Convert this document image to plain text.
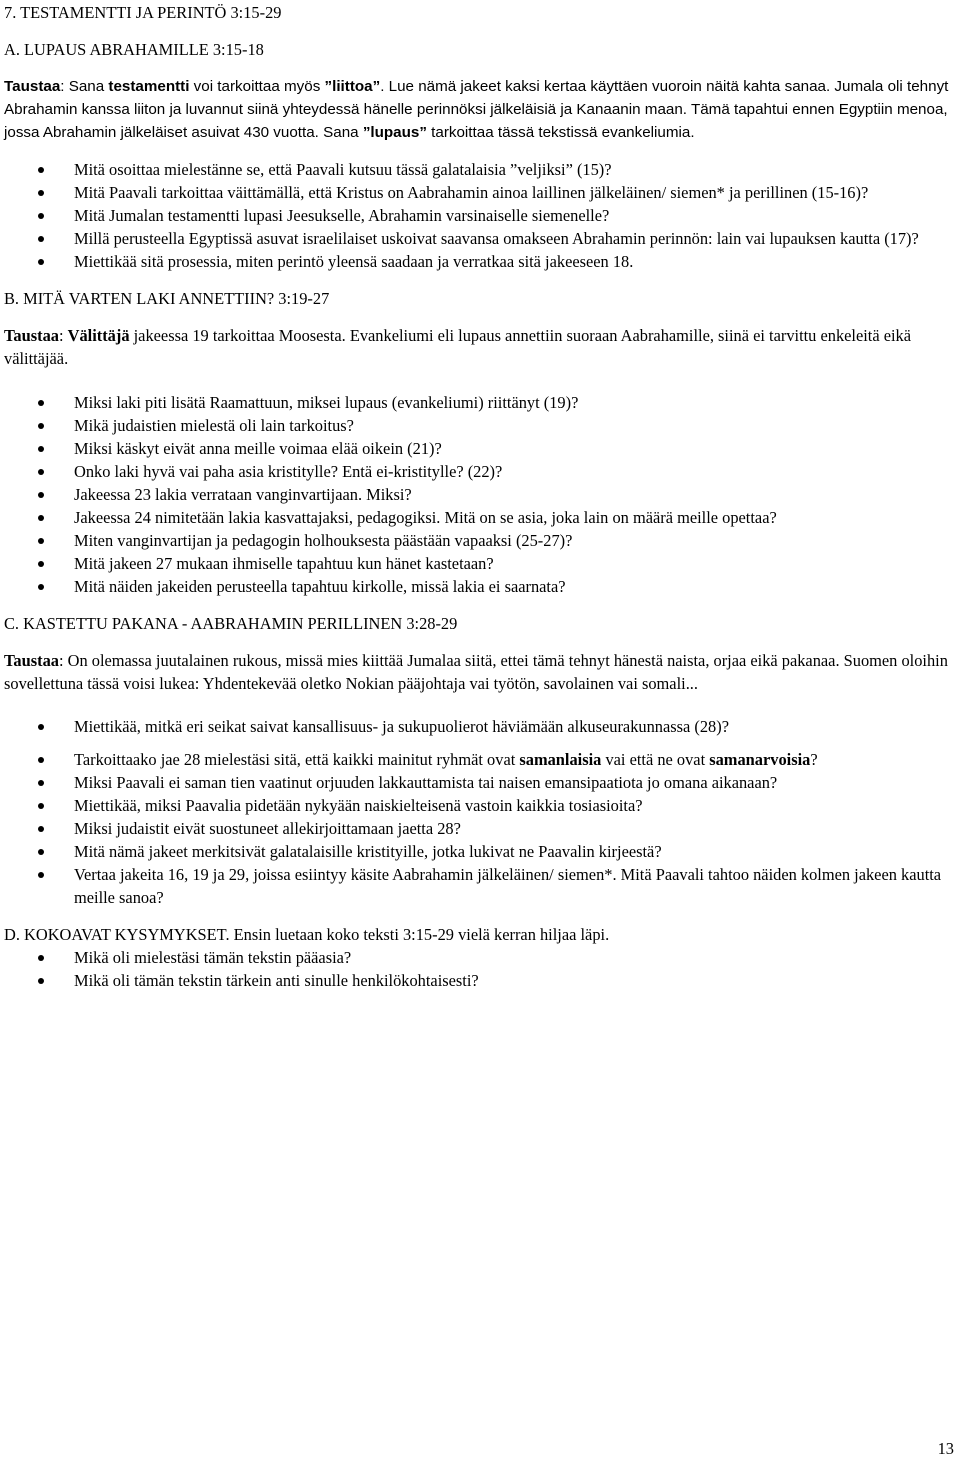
7. TESTAMENTTI JA PERINTÖ 3:15-29
A. LUPAUS ABRAHAMILLE 3:15-18
Taustaa: Sana testamentti voi tarkoittaa myös ”liittoa”. Lue nämä jakeet kaksi kertaa käyttäen vuoroin näitä kahta sanaa. Jumala oli tehnyt Abrahamin kanssa liiton ja luvannut siinä yhteydessä hänelle perinnöksi jälkeläisiä ja Kanaanin maan. Tämä tapahtui ennen Egyptiin menoa, jossa Abrahamin jälkeläiset asuivat 430 vuotta. Sana ”lupaus” tarkoittaa tässä tekstissä evankeliumia.
Mitä osoittaa mielestänne se, että Paavali kutsuu tässä galatalaisia ”veljiksi” (15)?
Mitä Paavali tarkoittaa väittämällä, että Kristus on Aabrahamin ainoa laillinen jälkeläinen/ siemen* ja perillinen (15-16)?
Mitä Jumalan testamentti lupasi Jeesukselle, Abrahamin varsinaiselle siemenelle?
Millä perusteella Egyptissä asuvat israelilaiset uskoivat saavansa omakseen Abrahamin perinnön: lain vai lupauksen kautta (17)?
Miettikää sitä prosessia, miten perintö yleensä saadaan ja verratkaa sitä jakeeseen 18.
B. MITÄ VARTEN LAKI ANNETTIIN? 3:19-27
Taustaa: Välittäjä jakeessa 19 tarkoittaa Moosesta. Evankeliumi eli lupaus annettiin suoraan Aabrahamille, siinä ei tarvittu enkeleitä eikä välittäjää.
Miksi laki piti lisätä Raamattuun, miksei lupaus (evankeliumi) riittänyt (19)?
Mikä judaistien mielestä oli lain tarkoitus?
Miksi käskyt eivät anna meille voimaa elää oikein (21)?
Onko laki hyvä vai paha asia kristitylle? Entä ei-kristitylle? (22)?
Jakeessa 23 lakia verrataan vanginvartijaan. Miksi?
Jakeessa 24 nimitetään lakia kasvattajaksi, pedagogiksi. Mitä on se asia, joka lain on määrä meille opettaa?
Miten vanginvartijan ja pedagogin holhouksesta päästään vapaaksi (25-27)?
Mitä jakeen 27 mukaan ihmiselle tapahtuu kun hänet kastetaan?
Mitä näiden jakeiden perusteella tapahtuu kirkolle, missä lakia ei saarnata?
C. KASTETTU PAKANA - AABRAHAMIN PERILLINEN 3:28-29
Taustaa: On olemassa juutalainen rukous, missä mies kiittää Jumalaa siitä, ettei tämä tehnyt hänestä naista, orjaa eikä pakanaa. Suomen oloihin sovellettuna tässä voisi lukea: Yhdentekevää oletko Nokian pääjohtaja vai työtön, savolainen vai somali...
Miettikää, mitkä eri seikat saivat kansallisuus- ja sukupuolierot häviämään alkuseurakunnassa (28)?
Tarkoittaako jae 28 mielestäsi sitä, että kaikki mainitut ryhmät ovat samanlaisia vai että ne ovat samanarvoisia?
Miksi Paavali ei saman tien vaatinut orjuuden lakkauttamista tai naisen emansipaatiota jo omana aikanaan?
Miettikää, miksi Paavalia pidetään nykyään naiskielteisenä vastoin kaikkia tosiasioita?
Miksi judaistit eivät suostuneet allekirjoittamaan jaetta 28?
Mitä nämä jakeet merkitsivät galatalaisille kristityille, jotka lukivat ne Paavalin kirjeestä?
Vertaa jakeita 16, 19 ja 29, joissa esiintyy käsite Aabrahamin jälkeläinen/ siemen*. Mitä Paavali tahtoo näiden kolmen jakeen kautta meille sanoa?
D. KOKOAVAT KYSYMYKSET. Ensin luetaan koko teksti 3:15-29 vielä kerran hiljaa läpi.
Mikä oli mielestäsi tämän tekstin pääasia?
Mikä oli tämän tekstin tärkein anti sinulle henkilökohtaisesti?
13
